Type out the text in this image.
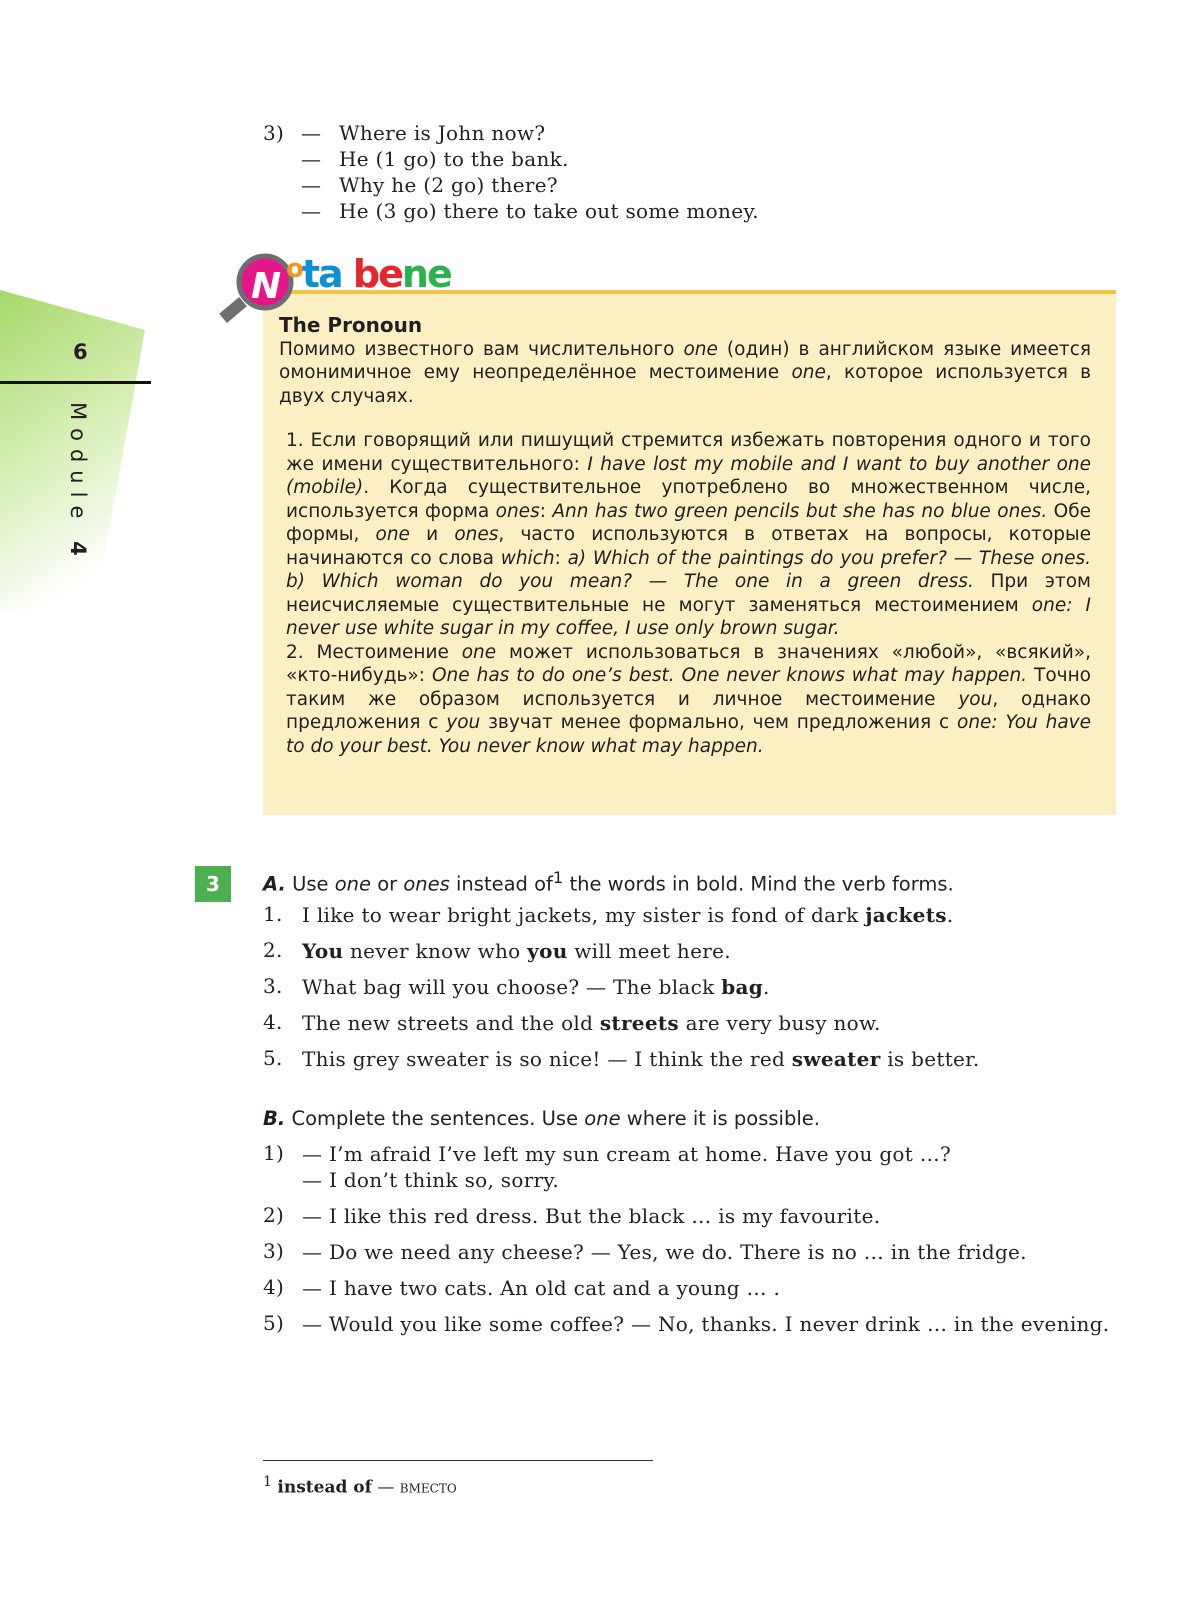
6
Module 4
3) — Where is John now?
— He (1 go) to the bank.
— Why he (2 go) there?
— He (3 go) there to take out some money.
The Pronoun

Помимо известного вам числительного one (один) в английском языке имеется омонимичное ему неопределённое местоимение one, которое используется в двух случаях.

1. Если говорящий или пишущий стремится избежать повторения одного и того же имени существительного: I have lost my mobile and I want to buy another one (mobile). Когда существительное употреблено во множественном числе, используется форма ones: Ann has two green pencils but she has no blue ones. Обе формы, one и ones, часто используются в ответах на вопросы, которые начинаются со слова which: a) Which of the paintings do you prefer? — These ones. b) Which woman do you mean? — The one in a green dress. При этом неисчисляемые существительные не могут заменяться местоимением one: I never use white sugar in my coffee, I use only brown sugar.

2. Местоимение one может использоваться в значениях «любой», «всякий», «кто-нибудь»: One has to do one’s best. One never knows what may happen. Точно таким же образом используется и личное местоимение you, однако предложения с you звучат менее формально, чем предложения с one: You have to do your best. You never know what may happen.

N $^o$ta bene
3	A. Use one or ones instead $of^1$ the words in bold. Mind the verb forms.
1. I like to wear bright jackets, my sister is fond of dark jackets.
2. You never know who you will meet here.
3. What bag will you choose? — The black bag.
4. The new streets and the old streets are very busy now.
5. This grey sweater is so nice! — I think the red sweater is better.
B. Complete the sentences. Use one where it is possible.
1) — I’m afraid I’ve left my sun cream at home. Have you got …?
— I don’t think so, sorry.
2) — I like this red dress. But the black … is my favourite.
3) — Do we need any cheese? — Yes, we do. There is no … in the fridge.
4) — I have two cats. An old cat and a young … .
5) — Would you like some coffee? — No, thanks. I never drink … in the evening.
$^1$ instead of — вместо
